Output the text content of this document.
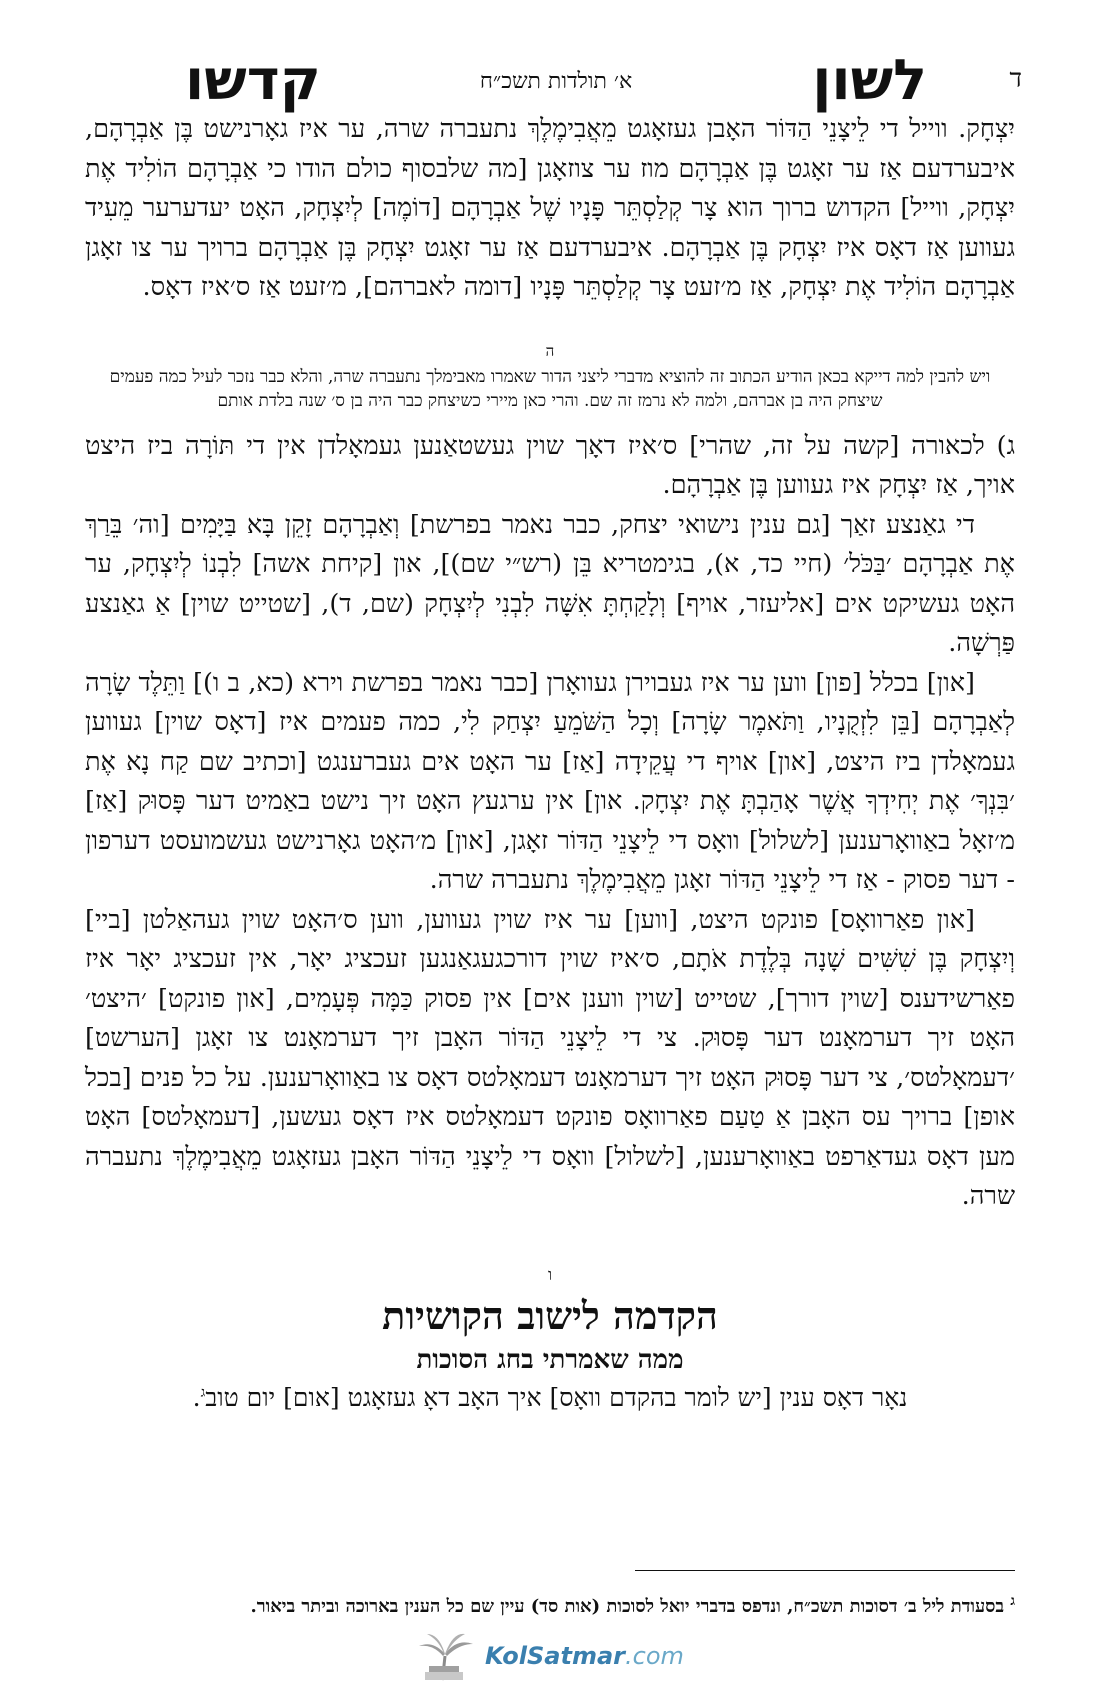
ד
לשון
א׳ תולדות תשכ״ח
קדשו

יִצְחָק. ווייל די לֵיצָנֵי הַדּוֹר האָבן געזאָגט מֵאֲבִימֶלֶךְ נתעברה שרה, ער איז גאָרנישט בֶּן אַבְרָהָם, איבערדעם אַז ער זאָגט בֶּן אַבְרָהָם מוז ער צוזאָגן [מה שלבסוף כולם הודו כי אַבְרָהָם הוֹלִיד אֶת יִצְחָק, ווייל] הקדוש ברוך הוא צָר קְלַסְתֵּר פָּנָיו שֶׁל אַבְרָהָם [דוֹמֶה] לְיִצְחָק, האָט יעדערער מֵעִיד געווען אַז דאָס איז יִצְחָק בֶּן אַבְרָהָם. איבערדעם אַז ער זאָגט יִצְחָק בֶּן אַבְרָהָם ברויך ער צו זאָגן אַבְרָהָם הוֹלִיד אֶת יִצְחָק, אַז מ׳זעט צָר קְלַסְתֵּר פָּנָיו [דומה לאברהם], מ׳זעט אַז ס׳איז דאָס.

ה

ויש להבין למה דייקא בכאן הודיע הכתוב זה להוציא מדברי ליצני הדור שאמרו מאבימלך נתעברה שרה, והלא כבר נזכר לעיל כמה פעמים שיצחק היה בן אברהם, ולמה לא נרמז זה שם. והרי כאן מיירי כשיצחק כבר היה בן ס׳ שנה בלדת אותם

ג) לכאורה [קשה על זה, שהרי] ס׳איז דאָך שוין געשטאַנען געמאָלדן אין די תּוֹרָה ביז היצט אויך, אַז יִצְחָק איז געווען בֶּן אַבְרָהָם.

די גאַנצע זאַך [גם ענין נישואי יצחק, כבר נאמר בפרשת] וְאַבְרָהָם זָקֵן בָּא בַּיָּמִים [וה׳ בֵּרַךְ אֶת אַבְרָהָם ׳בַּכֹּל׳ (חיי כד, א), בגימטריא בֵּן (רש״י שם)], און [קיחת אשה] לִבְנוֹ לְיִצְחָק, ער האָט געשיקט אים [אליעזר, אויף] וְלָקַחְתָּ אִשָּׁה לִבְנִי לְיִצְחָק (שם, ד), [שטייט שוין] אַ גאַנצע פַּרְשָׁה.

[און] בכלל [פון] ווען ער איז געבוירן געוואָרן [כבר נאמר בפרשת וירא (כא, ב ו)] וַתֵּלֶד שָׂרָה לְאַבְרָהָם [בֵּן לִזְקֻנָיו, וַתֹּאמֶר שָׂרָה] וְכָל הַשֹּׁמֵעַ יִצְחַק לִי, כמה פעמים איז [דאָס שוין] געווען געמאָלדן ביז היצט, [און] אויף די עֲקֵידָה [אַז] ער האָט אים געברענגט [וכתיב שם קַח נָא אֶת ׳בִּנְךָ׳ אֶת יְחִידְךָ אֲשֶׁר אָהַבְתָּ אֶת יִצְחָק. און] אין ערגעץ האָט זיך נישט באַמיט דער פָּסוּק [אַז] מ׳זאָל באַוואָרענען [לשלול] וואָס די לֵיצָנֵי הַדּוֹר זאָגן, [און] מ׳האָט גאָרנישט געשמועסט דערפון - דער פסוק - אַז די לֵיצָנֵי הַדּוֹר זאָגן מֵאֲבִימֶלֶךְ נתעברה שרה.

[און פאַרוואָס] פונקט היצט, [ווען] ער איז שוין געווען, ווען ס׳האָט שוין געהאַלטן [ביי] וְיִצְחָק בֶּן שִׁשִּׁים שָׁנָה בְּלֶדֶת אֹתָם, ס׳איז שוין דורכגעגאַנגען זעכציג יאָר, אין זעכציג יאָר איז פאַרשידענס [שוין דורך], שטייט [שוין ווענן אים] אין פסוק כַּמָּה פְּעָמִים, [און פונקט] ׳היצט׳ האָט זיך דערמאָנט דער פָּסוּק. צי די לֵיצָנֵי הַדּוֹר האָבן זיך דערמאָנט צו זאָגן [הערשט] ׳דעמאָלטס׳, צי דער פָּסוּק האָט זיך דערמאָנט דעמאָלטס דאָס צו באַוואָרענען. על כל פנים [בכל אופן] ברויך עס האָבן אַ טַעַם פאַרוואָס פונקט דעמאָלטס איז דאָס געשען, [דעמאָלטס] האָט מען דאָס געדאַרפט באַוואָרענען, [לשלול] וואָס די לֵיצָנֵי הַדּוֹר האָבן געזאָגט מֵאֲבִימֶלֶךְ נתעברה שרה.

ו
הקדמה לישוב הקושיות
ממה שאמרתי בחג הסוכות
נאָר דאָס ענין [יש לומר בהקדם וואָס] איך האָב דאָ געזאָגט [אום] יום טוב$^ג$.

$^ג$ בסעודת ליל ב׳ דסוכות תשכ״ח, ונדפס בדברי יואל לסוכות (אות סד) עיין שם כל הענין בארוכה וביתר ביאור.

KolSatmar.com
